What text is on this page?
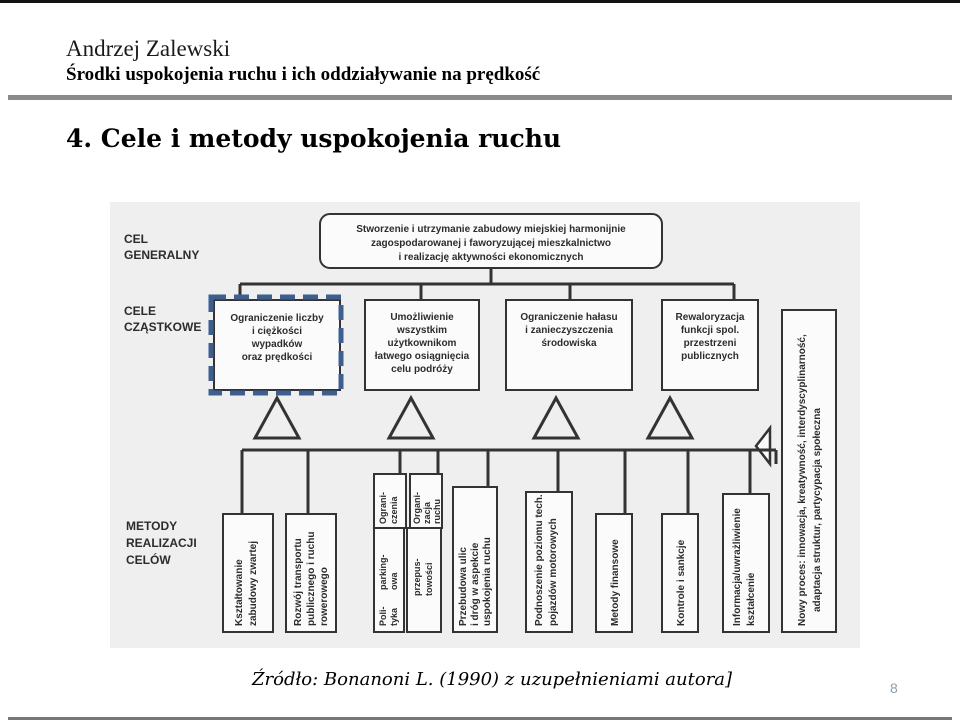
Andrzej Zalewski
Środki uspokojenia ruchu i ich oddziaływanie na prędkość
4. Cele i metody uspokojenia ruchu
CEL
GENERALNY
CELE
CZĄSTKOWE
METODY
REALIZACJI
CELÓW
Stworzenie i utrzymanie zabudowy miejskiej harmonijnie
zagospodarowanej i faworyzującej mieszkalnictwo
i realizację aktywności ekonomicznych
Ograniczenie liczby
i ciężkości
wypadków
oraz prędkości
Umożliwienie
wszystkim
użytkownikom
łatwego osiągnięcia
celu podróży
Ograniczenie hałasu
i zanieczyszczenia
środowiska
Rewaloryzacja
funkcji spol.
przestrzeni
publicznych
Kształtowanie zabudowy zwartej	Rozwój transportu publicznego i ruchu rowerowego	Poli- tyka
parking- owa
Ograni- czenia
przepus- towości
Organi- zacja ruchu
Przebudowa ulic i dróg w aspekcie uspokojenia ruchu	Podnoszenie poziomu tech. pojazdów motorowych	Metody finansowe	Kontrole i sankcje	Informacja/uwrażliwienie kształcenie	Nowy proces: innowacja, kreatywność, interdyscyplinarność, adaptacja struktur, partycypacja społeczna
Źródło: Bonanoni L. (1990) z uzupełnieniami autora]	8
